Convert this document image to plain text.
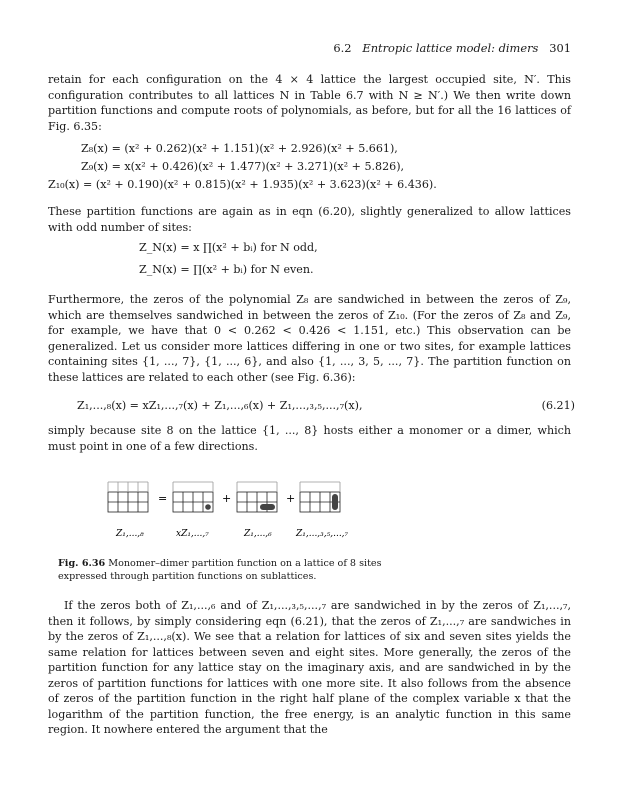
6.2 Entropic lattice model: dimers 301

retain for each configuration on the 4 × 4 lattice the largest occupied site, N′. This configuration contributes to all lattices N in Table 6.7 with N ≥ N′.) We then write down partition functions and compute roots of polynomials, as before, but for all the 16 lattices of Fig. 6.35:

Z₈(x) = (x² + 0.262)(x² + 1.151)(x² + 2.926)(x² + 5.661),
Z₉(x) = x(x² + 0.426)(x² + 1.477)(x² + 3.271)(x² + 5.826),
Z₁₀(x) = (x² + 0.190)(x² + 0.815)(x² + 1.935)(x² + 3.623)(x² + 6.436).

These partition functions are again as in eqn (6.20), slightly generalized to allow lattices with odd number of sites:

Z_N(x) = x ∏(x² + bᵢ) for N odd,
Z_N(x) = ∏(x² + bᵢ) for N even.

Furthermore, the zeros of the polynomial Z₈ are sandwiched in between the zeros of Z₉, which are themselves sandwiched in between the zeros of Z₁₀. (For the zeros of Z₈ and Z₉, for example, we have that 0 < 0.262 < 0.426 < 1.151, etc.) This observation can be generalized. Let us consider more lattices differing in one or two sites, for example lattices containing sites {1, ..., 7}, {1, ..., 6}, and also {1, ..., 3, 5, ..., 7}. The partition function on these lattices are related to each other (see Fig. 6.36):

Z₁,...,₈(x) = xZ₁,...,₇(x) + Z₁,...,₆(x) + Z₁,...,₃,₅,...,₇(x),	(6.21)

simply because site 8 on the lattice {1, ..., 8} hosts either a monomer or a dimer, which must point in one of a few directions.

=	+	+
Z₁,...,₈	xZ₁,...,₇	Z₁,...,₆	Z₁,...,₃,₅,...,₇

Fig. 6.36 Monomer–dimer partition function on a lattice of 8 sites expressed through partition functions on sublattices.

If the zeros both of Z₁,...,₆ and of Z₁,...,₃,₅,...,₇ are sandwiched in by the zeros of Z₁,...,₇, then it follows, by simply considering eqn (6.21), that the zeros of Z₁,...,₇ are sandwiches in by the zeros of Z₁,...,₈(x). We see that a relation for lattices of six and seven sites yields the same relation for lattices between seven and eight sites. More generally, the zeros of the partition function for any lattice stay on the imaginary axis, and are sandwiched in by the zeros of partition functions for lattices with one more site. It also follows from the absence of zeros of the partition function in the right half plane of the complex variable x that the logarithm of the partition function, the free energy, is an analytic function in this same region. It nowhere entered the argument that the
